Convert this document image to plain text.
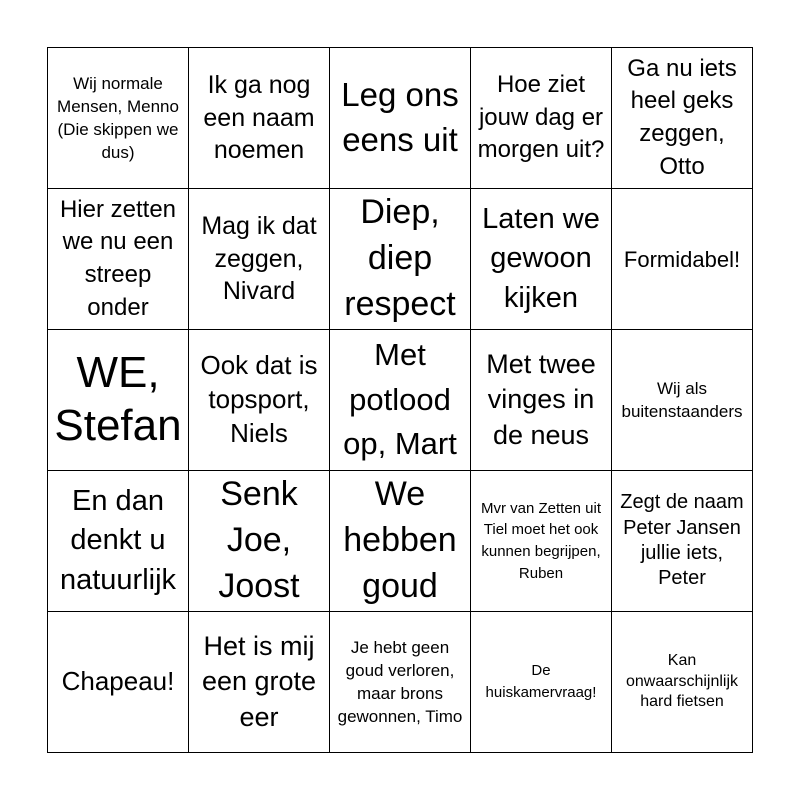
Wij normale Mensen, Menno (Die skippen we dus)
Ik ga nog een naam noemen
Leg ons eens uit
Hoe ziet jouw dag er morgen uit?
Ga nu iets heel geks zeggen, Otto
Hier zetten we nu een streep onder
Mag ik dat zeggen, Nivard
Diep, diep respect
Laten we gewoon kijken
Formidabel!
WE, Stefan
Ook dat is topsport, Niels
Met potlood op, Mart
Met twee vinges in de neus
Wij als buitenstaanders
En dan denkt u natuurlijk
Senk Joe, Joost
We hebben goud
Mvr van Zetten uit Tiel moet het ook kunnen begrijpen, Ruben
Zegt de naam Peter Jansen jullie iets, Peter
Chapeau!
Het is mij een grote eer
Je hebt geen goud verloren, maar brons gewonnen, Timo
De huiskamervraag!
Kan onwaarschijnlijk hard fietsen
